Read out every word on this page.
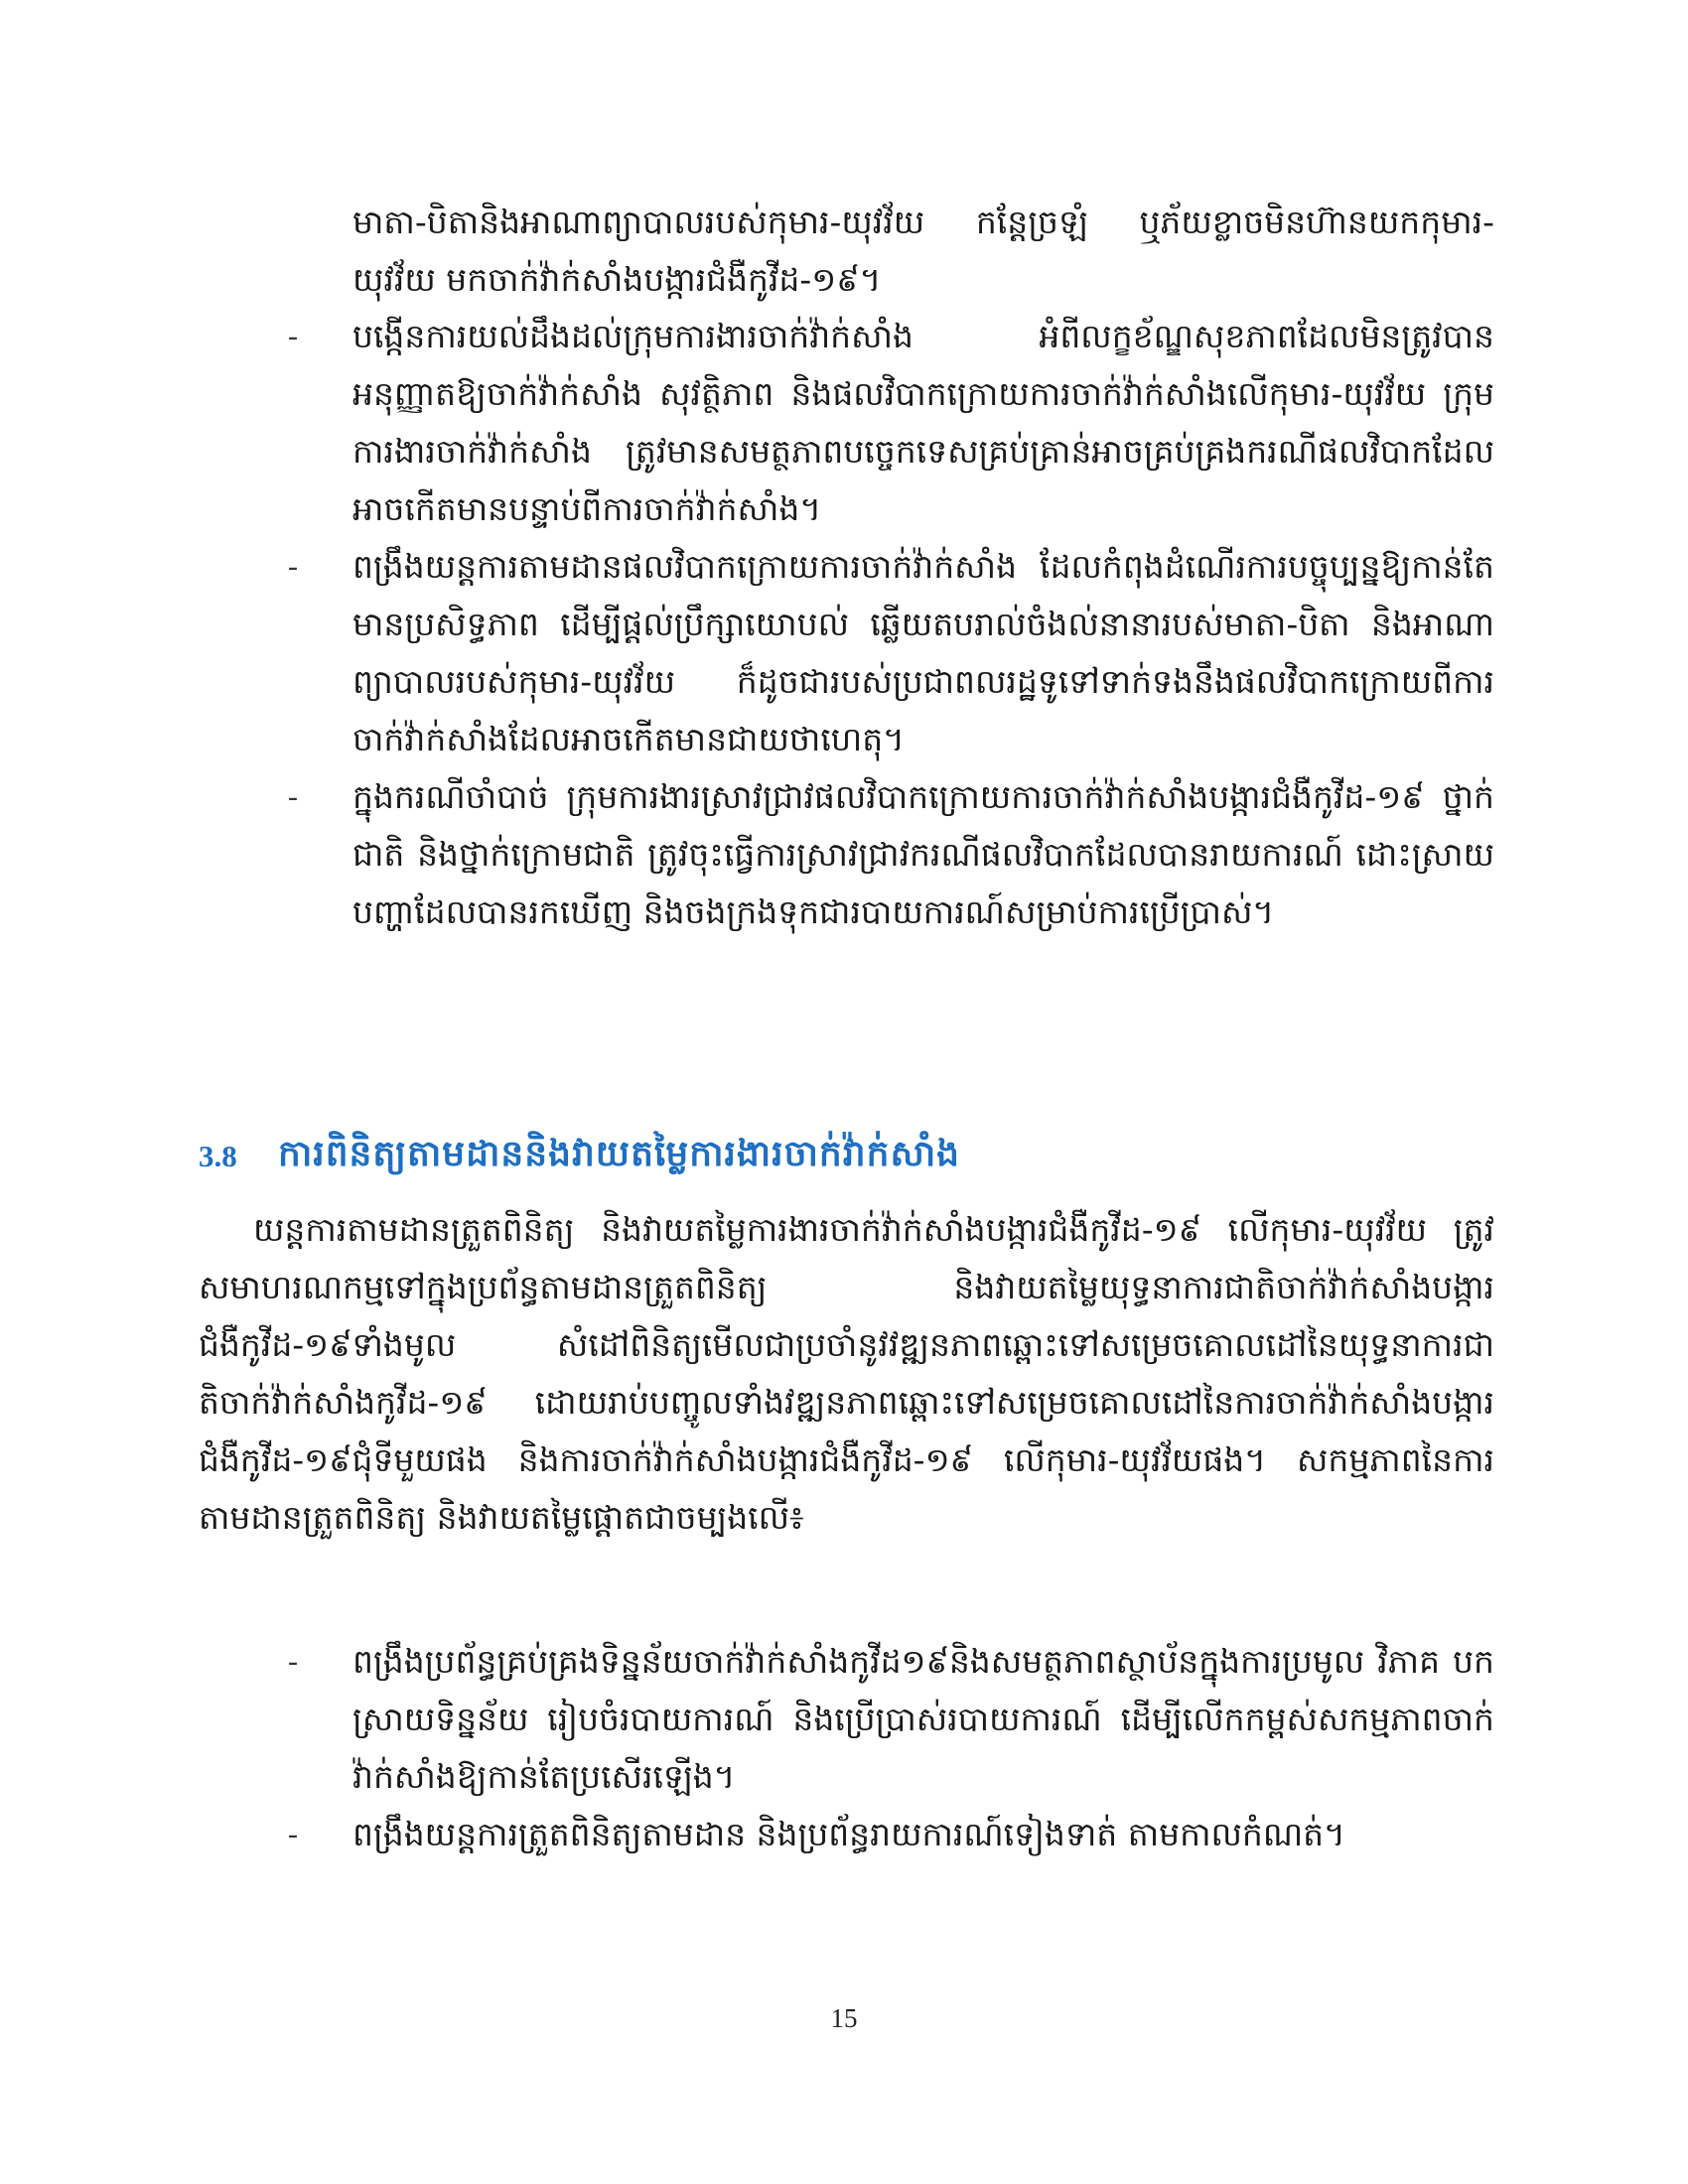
មាតា-បិតានិងអាណាព្យាបាលរបស់កុមារ-យុវវ័យ កន្តែច្រឡំ ឬភ័យខ្លាចមិនហ៊ានយកកុមារ-យុវវ័យ មកចាក់វ៉ាក់សាំងបង្ការជំងឺកូវីដ-១៩។
-	បង្កើនការយល់ដឹងដល់ក្រុមការងារចាក់វ៉ាក់សាំង អំពីលក្ខខ័ណ្ឌសុខភាពដែលមិនត្រូវបានអនុញ្ញាតឱ្យចាក់វ៉ាក់សាំង សុវត្ថិភាព និងផលវិបាកក្រោយការចាក់វ៉ាក់សាំងលើកុមារ-យុវវ័យ ក្រុមការងារចាក់វ៉ាក់សាំង ត្រូវមានសមត្ថភាពបច្ចេកទេសគ្រប់គ្រាន់អាចគ្រប់គ្រងករណីផលវិបាកដែលអាចកើតមានបន្ទាប់ពីការចាក់វ៉ាក់សាំង។
-	ពង្រឹងយន្តការតាមដានផលវិបាកក្រោយការចាក់វ៉ាក់សាំង ដែលកំពុងដំណើរការបច្ចុប្បន្នឱ្យកាន់តែមានប្រសិទ្ធភាព ដើម្បីផ្តល់ប្រឹក្សាយោបល់ ឆ្លើយតបរាល់ចំងល់នានារបស់មាតា-បិតា និងអាណាព្យាបាលរបស់កុមារ-យុវវ័យ ក៏ដូចជារបស់ប្រជាពលរដ្ឋទូទៅទាក់ទងនឹងផលវិបាកក្រោយពីការចាក់វ៉ាក់សាំងដែលអាចកើតមានជាយថាហេតុ។
-	ក្នុងករណីចាំបាច់ ក្រុមការងារស្រាវជ្រាវផលវិបាកក្រោយការចាក់វ៉ាក់សាំងបង្ការជំងឺកូវីដ-១៩ ថ្នាក់ជាតិ និងថ្នាក់ក្រោមជាតិ ត្រូវចុះធ្វើការស្រាវជ្រាវករណីផលវិបាកដែលបានរាយការណ៍ ដោះស្រាយបញ្ហាដែលបានរកឃើញ និងចងក្រងទុកជារបាយការណ៍សម្រាប់ការប្រើប្រាស់។
3.8	ការពិនិត្យតាមដាននិងវាយតម្លៃការងារចាក់វ៉ាក់សាំង
យន្តការតាមដានត្រួតពិនិត្យ និងវាយតម្លៃការងារចាក់វ៉ាក់សាំងបង្ការជំងឺកូវីដ-១៩ លើកុមារ-យុវវ័យ ត្រូវសមាហរណកម្មទៅក្នុងប្រព័ន្ធតាមដានត្រួតពិនិត្យ និងវាយតម្លៃយុទ្ធនាការជាតិចាក់វ៉ាក់សាំងបង្ការជំងឺកូវីដ-១៩ទាំងមូល សំដៅពិនិត្យមើលជាប្រចាំនូវវឌ្ឍនភាពឆ្ពោះទៅសម្រេចគោលដៅនៃយុទ្ធនាការជាតិចាក់វ៉ាក់សាំងកូវីដ-១៩ ដោយរាប់បញ្ចូលទាំងវឌ្ឍនភាពឆ្ពោះទៅសម្រេចគោលដៅនៃការចាក់វ៉ាក់សាំងបង្ការជំងឺកូវីដ-១៩ជុំទីមួយផង និងការចាក់វ៉ាក់សាំងបង្ការជំងឺកូវីដ-១៩ លើកុមារ-យុវវ័យផង។ សកម្មភាពនៃការតាមដានត្រួតពិនិត្យ និងវាយតម្លៃផ្តោតជាចម្បងលើ៖
-	ពង្រឹងប្រព័ន្ធគ្រប់គ្រងទិន្នន័យចាក់វ៉ាក់សាំងកូវីដ១៩និងសមត្ថភាពស្ថាប័នក្នុងការប្រមូល វិភាគ បកស្រាយទិន្នន័យ រៀបចំរបាយការណ៍ និងប្រើប្រាស់របាយការណ៍ ដើម្បីលើកកម្ពស់សកម្មភាពចាក់វ៉ាក់សាំងឱ្យកាន់តែប្រសើរឡើង។
-	ពង្រឹងយន្តការត្រួតពិនិត្យតាមដាន និងប្រព័ន្ធរាយការណ៍ទៀងទាត់ តាមកាលកំណត់។
15
